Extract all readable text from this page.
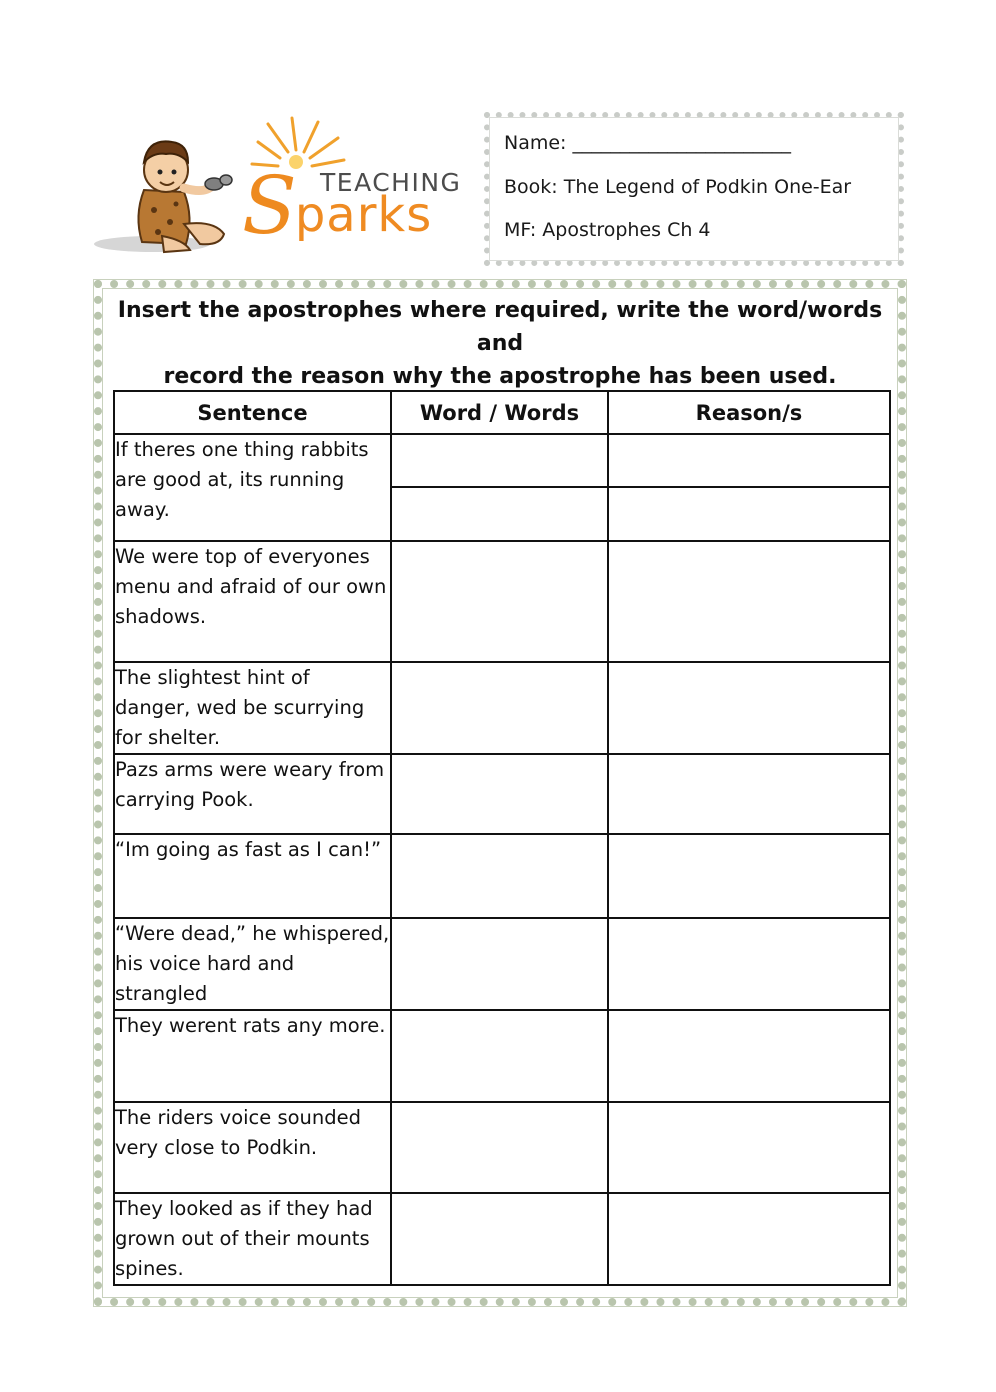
TEACHING
Sparks
Name: _______________________
Book: The Legend of Podkin One-Ear
MF: Apostrophes Ch 4
Insert the apostrophes where required, write the word/words and
record the reason why the apostrophe has been used.
Sentence	Word / Words	Reason/s
If theres one thing rabbits are good at, its running away.		

We were top of everyones menu and afraid of our own shadows.		
The slightest hint of danger, wed be scurrying for shelter.		
Pazs arms were weary from carrying Pook.		
“Im going as fast as I can!”		
“Were dead,” he whispered, his voice hard and strangled		
They werent rats any more.		
The riders voice sounded very close to Podkin.		
They looked as if they had grown out of their mounts spines.		
